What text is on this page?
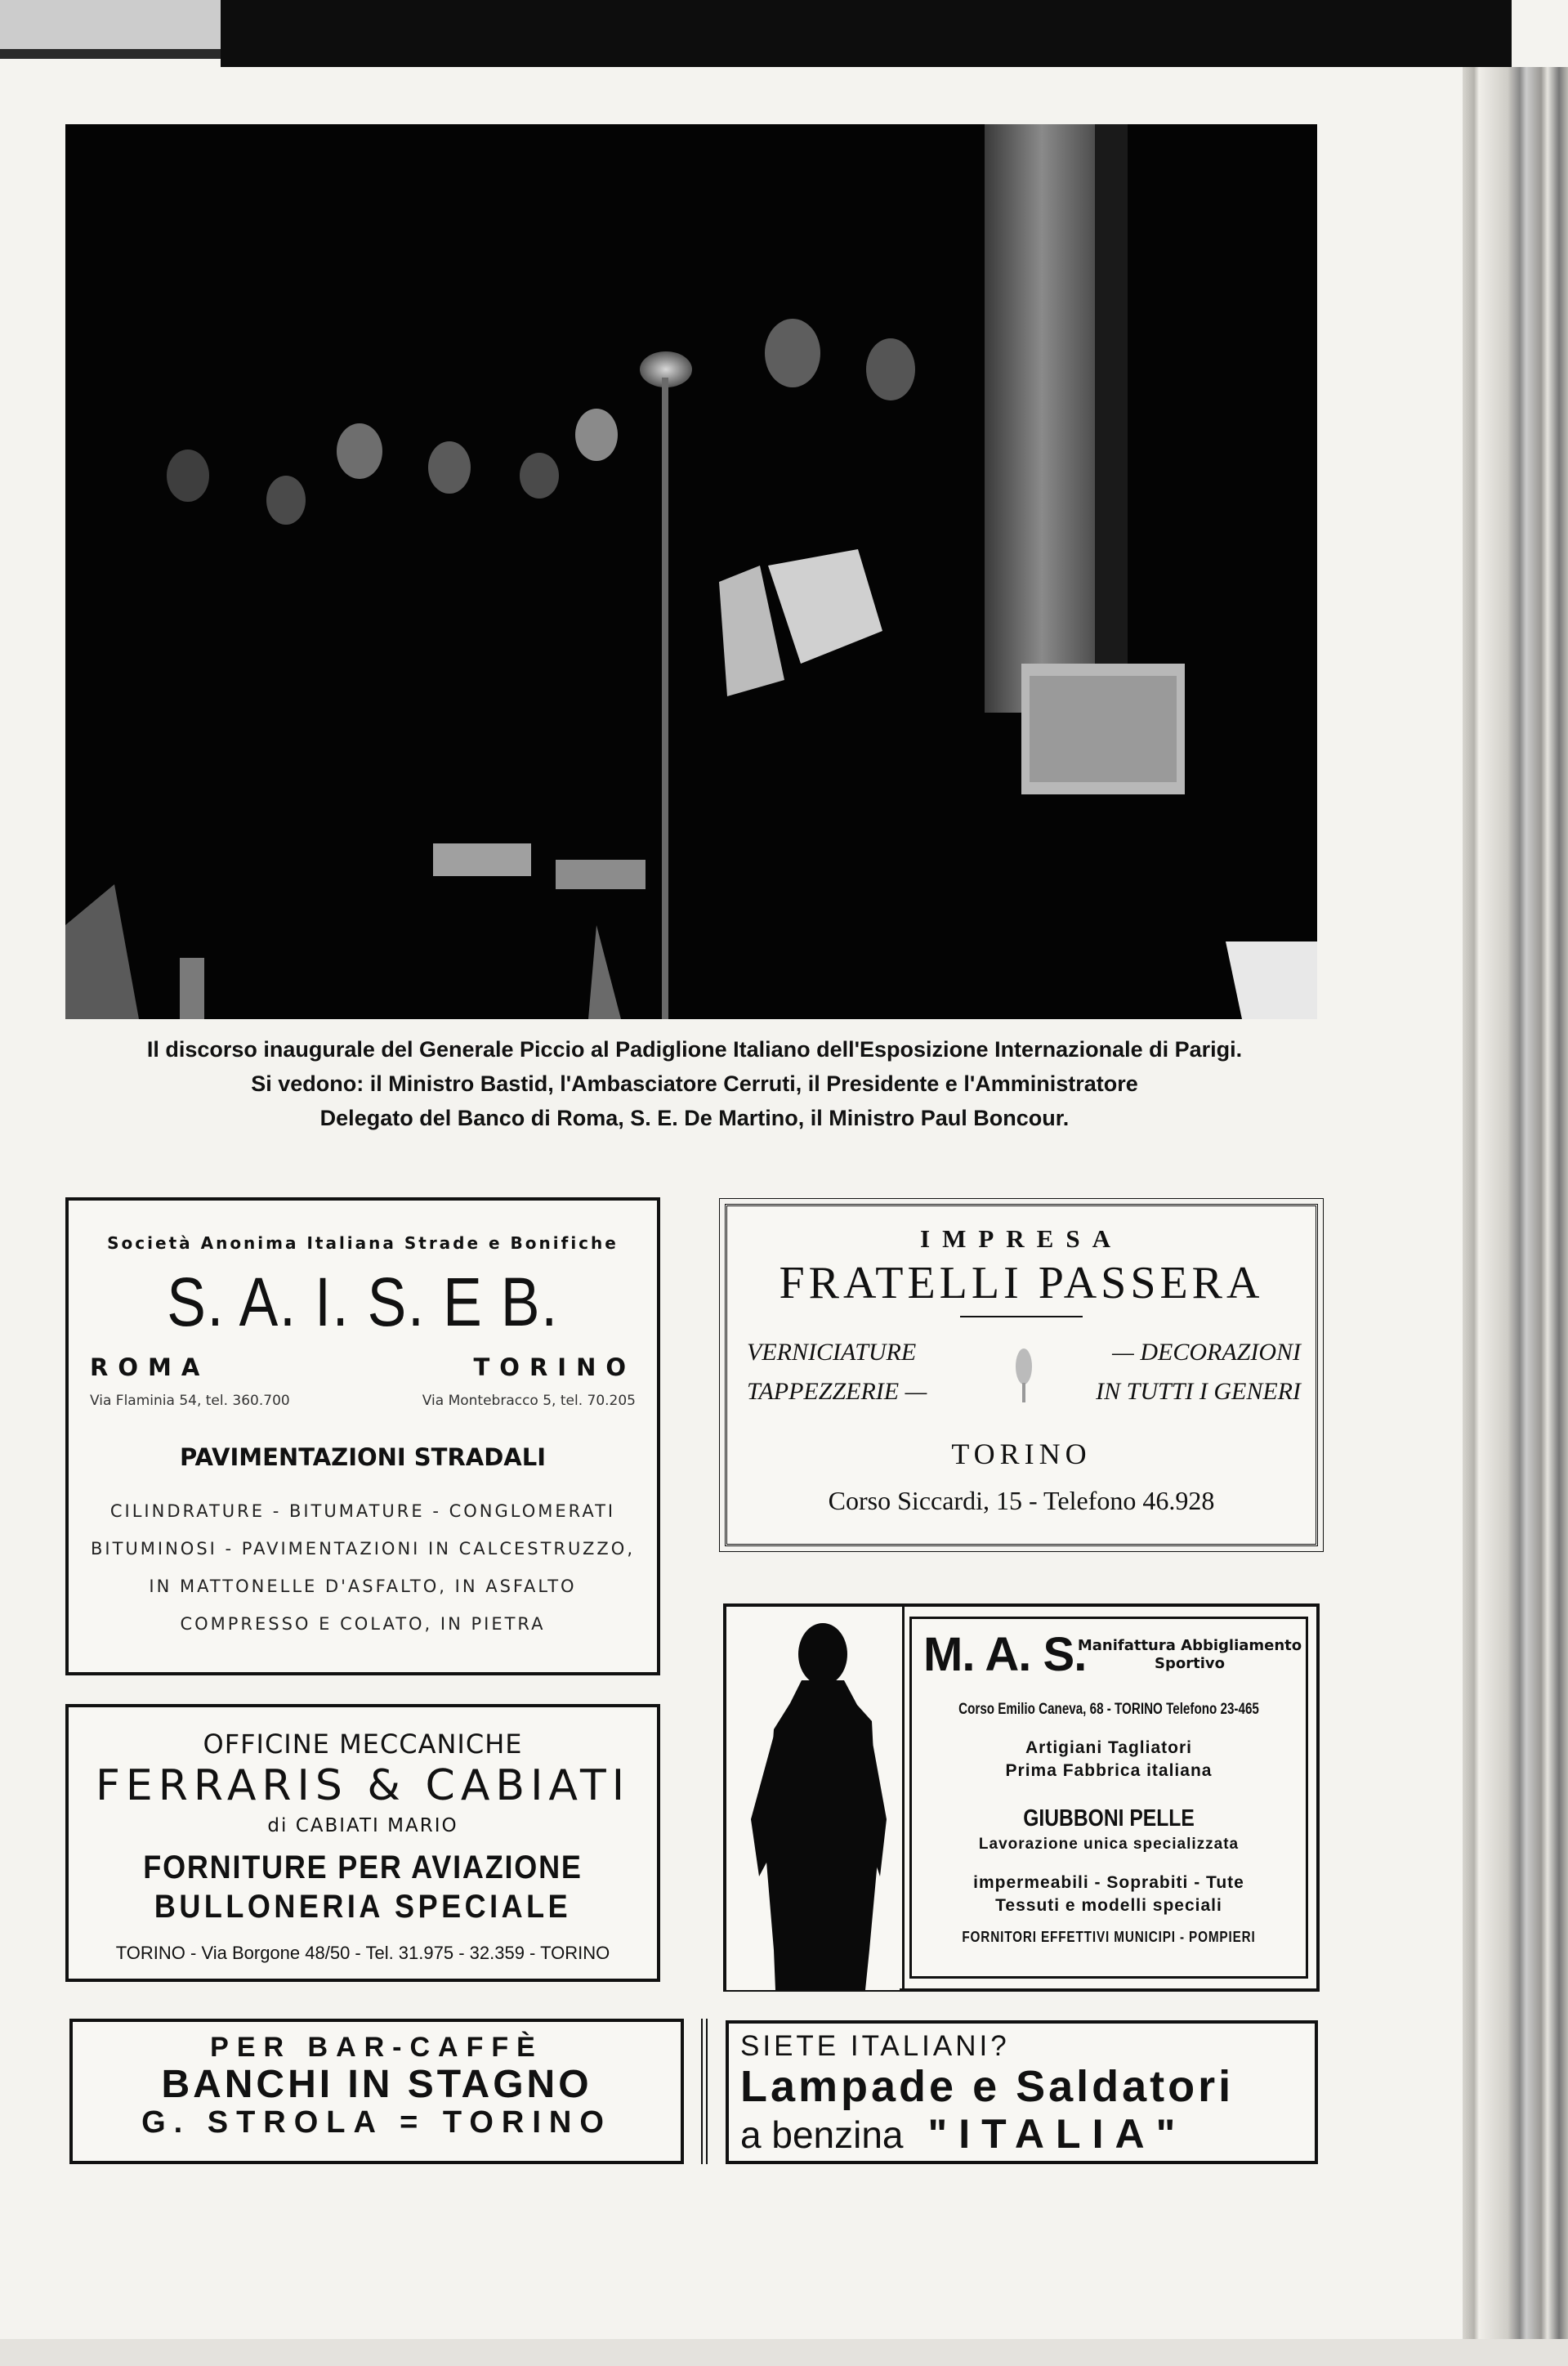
Il discorso inaugurale del Generale Piccio al Padiglione Italiano dell'Esposizione Internazionale di Parigi.
Si vedono: il Ministro Bastid, l'Ambasciatore Cerruti, il Presidente e l'Amministratore
Delegato del Banco di Roma, S. E. De Martino, il Ministro Paul Boncour.
Società Anonima Italiana Strade e Bonifiche
S. A. I. S. E B.
ROMA	TORINO
Via Flaminia 54, tel. 360.700	Via Montebracco 5, tel. 70.205
PAVIMENTAZIONI STRADALI
CILINDRATURE - BITUMATURE - CONGLOMERATI
BITUMINOSI - PAVIMENTAZIONI IN CALCESTRUZZO,
IN MATTONELLE D'ASFALTO, IN ASFALTO
COMPRESSO E COLATO, IN PIETRA
IMPRESA
FRATELLI PASSERA
VERNICIATURE
TAPPEZZERIE —
— DECORAZIONI
IN TUTTI I GENERI
TORINO
Corso Siccardi, 15 - Telefono 46.928
OFFICINE MECCANICHE
FERRARIS & CABIATI
di CABIATI MARIO
FORNITURE PER AVIAZIONE
BULLONERIA SPECIALE
TORINO - Via Borgone 48/50 - Tel. 31.975 - 32.359 - TORINO
M. A. S.
Manifattura Abbigliamento
Sportivo
Corso Emilio Caneva, 68 - TORINO Telefono 23-465
Artigiani Tagliatori
Prima Fabbrica italiana
GIUBBONI PELLE
Lavorazione unica specializzata
impermeabili - Soprabiti - Tute
Tessuti e modelli speciali
FORNITORI EFFETTIVI MUNICIPI - POMPIERI
PER BAR-CAFFÈ
BANCHI IN STAGNO
G. STROLA = TORINO
SIETE ITALIANI?
Lampade e Saldatori
a benzina "ITALIA"
